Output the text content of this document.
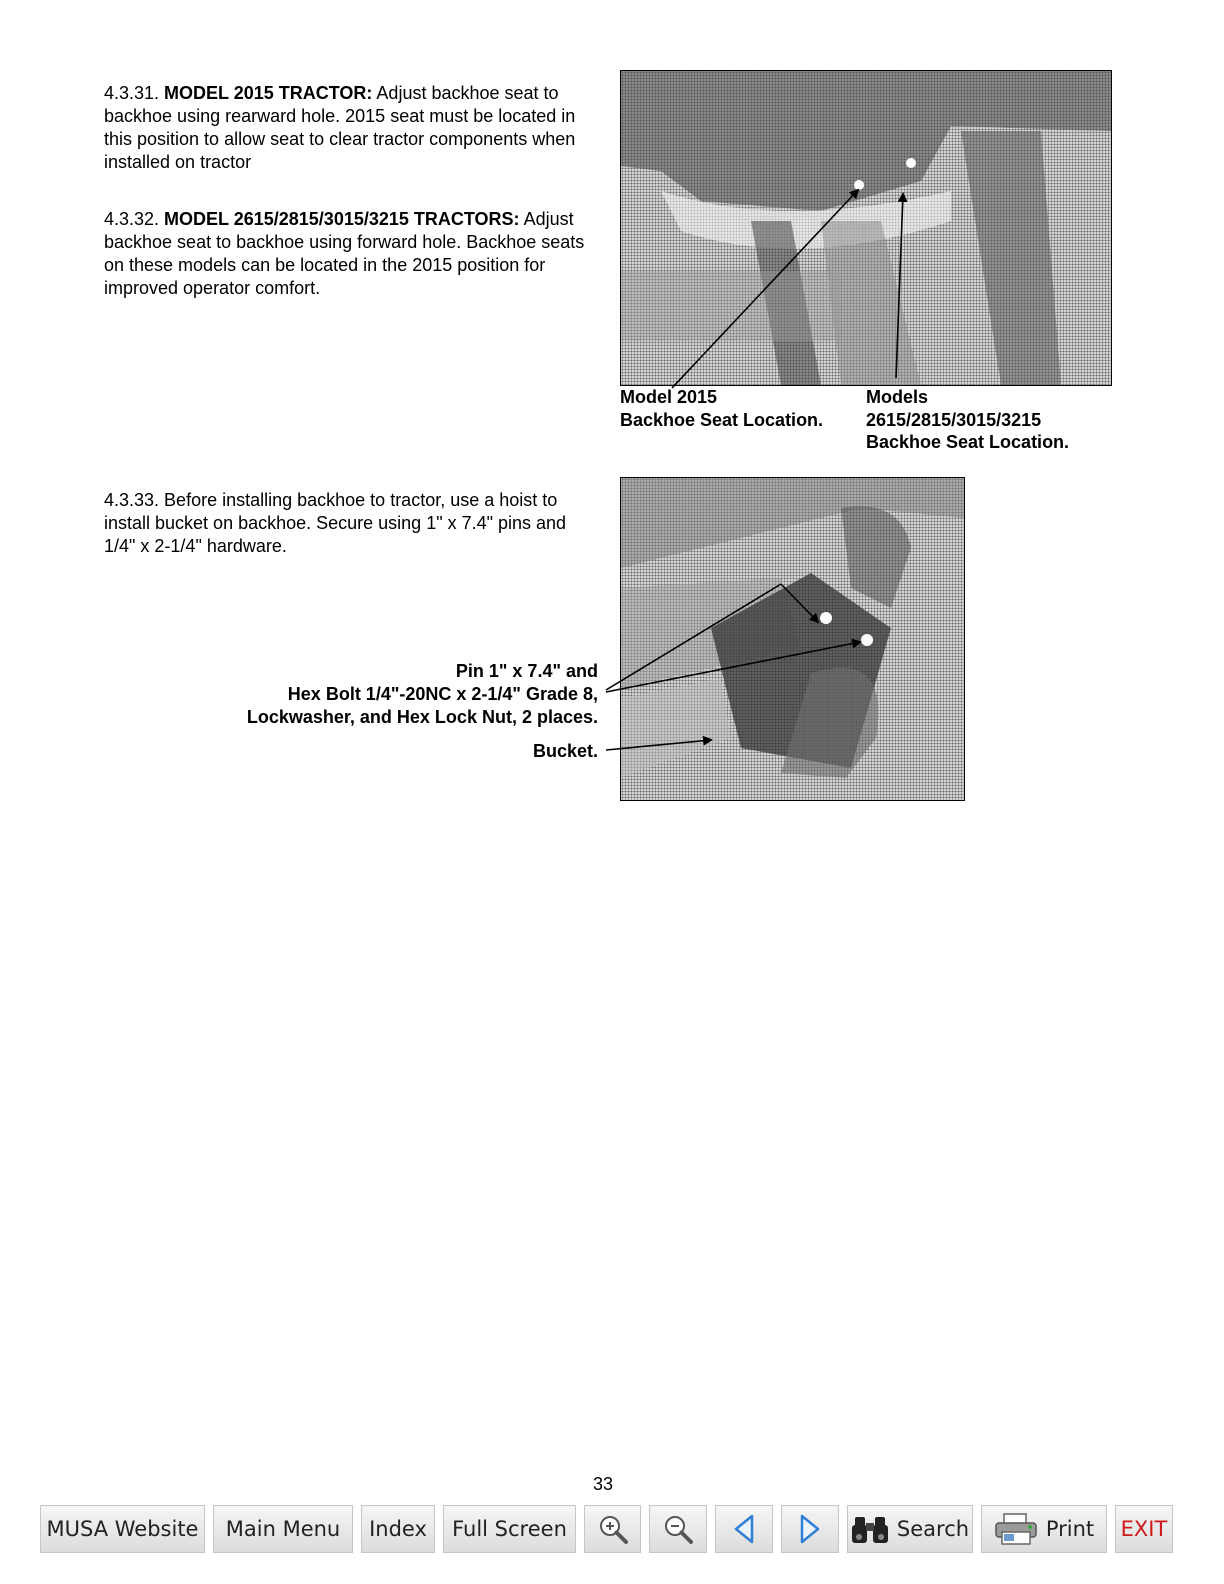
4.3.31. MODEL 2015 TRACTOR: Adjust backhoe seat to backhoe using rearward hole. 2015 seat must be located in this position to allow seat to clear tractor components when installed on tractor

4.3.32. MODEL 2615/2815/3015/3215 TRACTORS: Adjust backhoe seat to backhoe using forward hole. Backhoe seats on these models can be located in the 2015 position for improved operator comfort.

4.3.33. Before installing backhoe to tractor, use a hoist to install bucket on backhoe. Secure using 1" x 7.4" pins and 1/4" x 2-1/4" hardware.

Model 2015
Backhoe Seat Location.
Models
2615/2815/3015/3215
Backhoe Seat Location.
Pin 1" x 7.4" and
Hex Bolt 1/4"-20NC x 2-1/4" Grade 8,
Lockwasher, and Hex Lock Nut, 2 places.
Bucket.
33
MUSA Website Main Menu Index Full Screen	Search	Print EXIT
